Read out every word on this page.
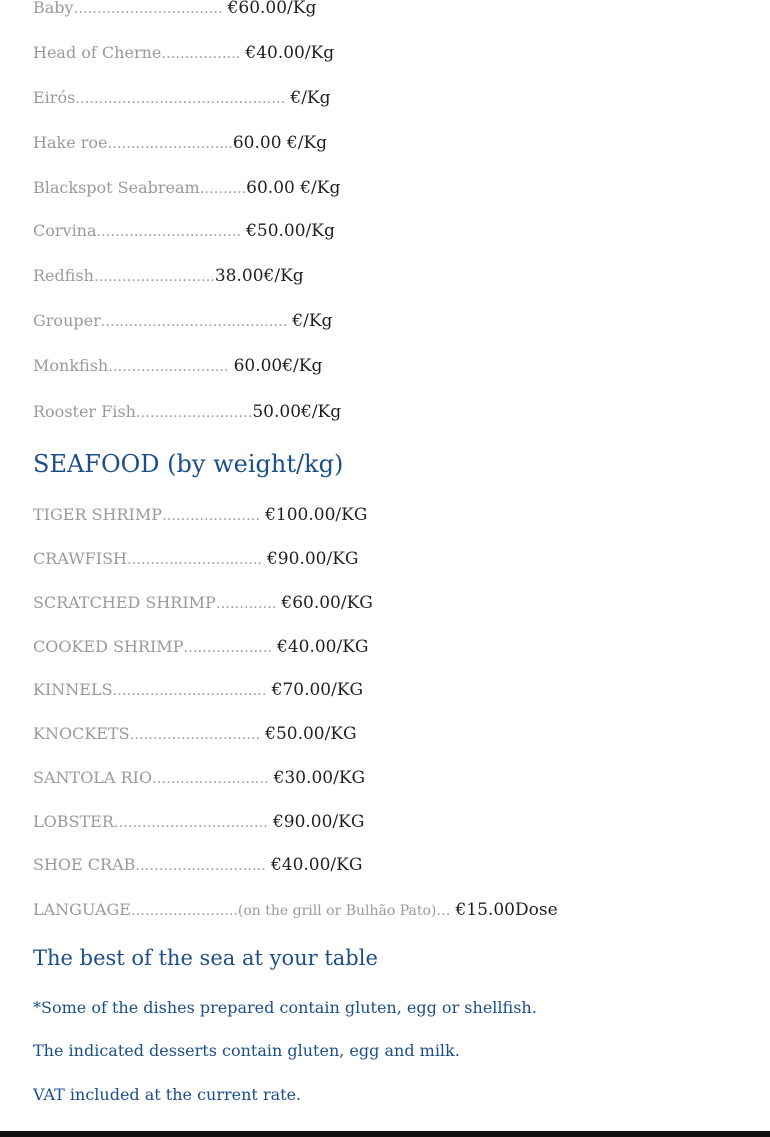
Baby…………………….……. €60.00/Kg
Head of Cherne…….………. €40.00/Kg
Eirós……………………………………… €/Kg
Hake roe……………….……..60.00 €/Kg
Blackspot Seabream……….60.00 €/Kg
Corvina…………………………. €50.00/Kg
Redfish……………….…….38.00€/Kg
Grouper…………………………………. €/Kg
Monkfish…………..….…….. 60.00€/Kg
Rooster Fish…………….………50.00€/Kg
SEAFOOD (by weight/kg)
TIGER SHRIMP………………… €100.00/KG
CRAWFISH……………………….. €90.00/KG
SCRATCHED SHRIMP…………. €60.00/KG
COOKED SHRIMP………………. €40.00/KG
KINNELS…………………………… €70.00/KG
KNOCKETS………………………. €50.00/KG
SANTOLA RIO……………………. €30.00/KG
LOBSTER…………………………… €90.00/KG
SHOE CRAB………………………. €40.00/KG
LANGUAGE…………………..(on the grill or Bulhão Pato)… €15.00Dose
The best of the sea at your table
*Some of the dishes prepared contain gluten, egg or shellfish.
The indicated desserts contain gluten, egg and milk.
VAT included at the current rate.
